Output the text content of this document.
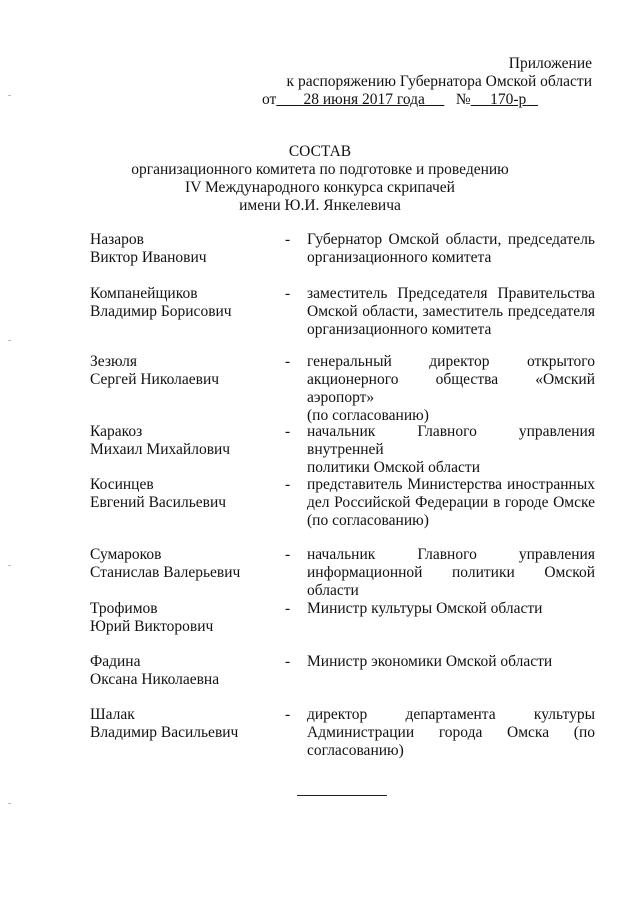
Приложение
к распоряжению Губернатора Омской области
от	28 июня 2017 года	№	170-р
СОСТАВ
организационного комитета по подготовке и проведению
IV Международного конкурса скрипачей
имени Ю.И. Янкелевича
Назаров
Виктор Иванович
-	Губернатор Омской области, председатель
организационного комитета
Компанейщиков
Владимир Борисович
-	заместитель Председателя Правительства
Омской области, заместитель председателя
организационного комитета
Зезюля
Сергей Николаевич
-	генеральный директор открытого
акционерного общества «Омский аэропорт»
(по согласованию)
Каракоз
Михаил Михайлович
-	начальник Главного управления внутренней
политики Омской области
Косинцев
Евгений Васильевич
-	представитель Министерства иностранных
дел Российской Федерации в городе Омске
(по согласованию)
Сумароков
Станислав Валерьевич
-	начальник Главного управления
информационной политики Омской области
Трофимов
Юрий Викторович
-	Министр культуры Омской области
Фадина
Оксана Николаевна
-	Министр экономики Омской области
Шалак
Владимир Васильевич
-	директор департамента культуры
Администрации города Омска (по
согласованию)
